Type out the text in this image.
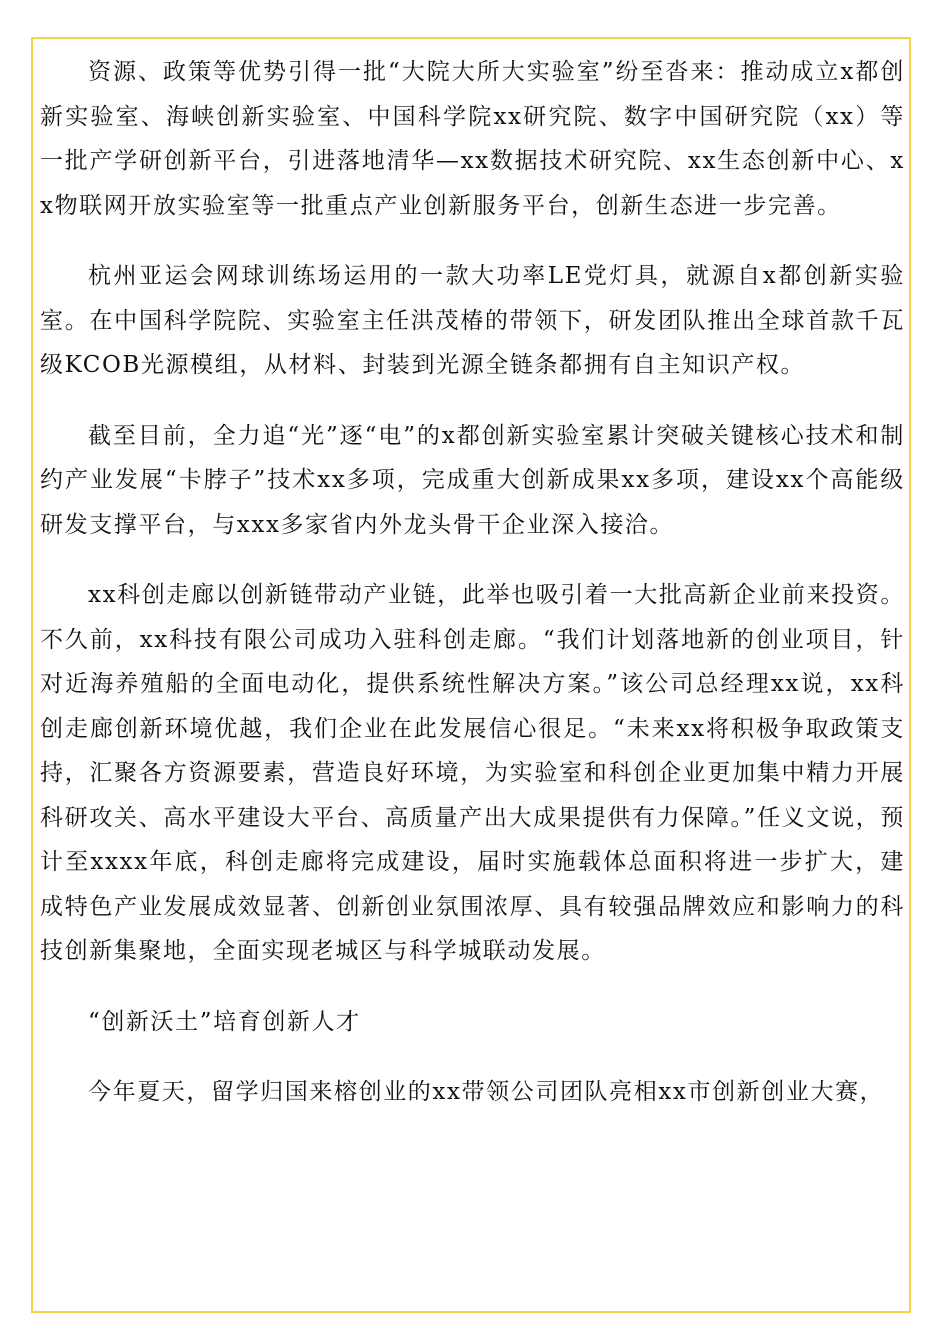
资源、政策等优势引得一批“大院大所大实验室”纷至沓来：推动成立x都创新实验室、海峡创新实验室、中国科学院xx研究院、数字中国研究院（xx）等一批产学研创新平台，引进落地清华—xx数据技术研究院、xx生态创新中心、xx物联网开放实验室等一批重点产业创新服务平台，创新生态进一步完善。

杭州亚运会网球训练场运用的一款大功率LE党灯具，就源自x都创新实验室。在中国科学院院、实验室主任洪茂椿的带领下，研发团队推出全球首款千瓦级KCOB光源模组，从材料、封装到光源全链条都拥有自主知识产权。

截至目前，全力追“光”逐“电”的x都创新实验室累计突破关键核心技术和制约产业发展“卡脖子”技术xx多项，完成重大创新成果xx多项，建设xx个高能级研发支撑平台，与xxx多家省内外龙头骨干企业深入接洽。

xx科创走廊以创新链带动产业链，此举也吸引着一大批高新企业前来投资。不久前，xx科技有限公司成功入驻科创走廊。“我们计划落地新的创业项目，针对近海养殖船的全面电动化，提供系统性解决方案。”该公司总经理xx说，xx科创走廊创新环境优越，我们企业在此发展信心很足。“未来xx将积极争取政策支持，汇聚各方资源要素，营造良好环境，为实验室和科创企业更加集中精力开展科研攻关、高水平建设大平台、高质量产出大成果提供有力保障。”任义文说，预计至xxxx年底，科创走廊将完成建设，届时实施载体总面积将进一步扩大，建成特色产业发展成效显著、创新创业氛围浓厚、具有较强品牌效应和影响力的科技创新集聚地，全面实现老城区与科学城联动发展。

“创新沃土”培育创新人才

今年夏天，留学归国来榕创业的xx带领公司团队亮相xx市创新创业大赛，
